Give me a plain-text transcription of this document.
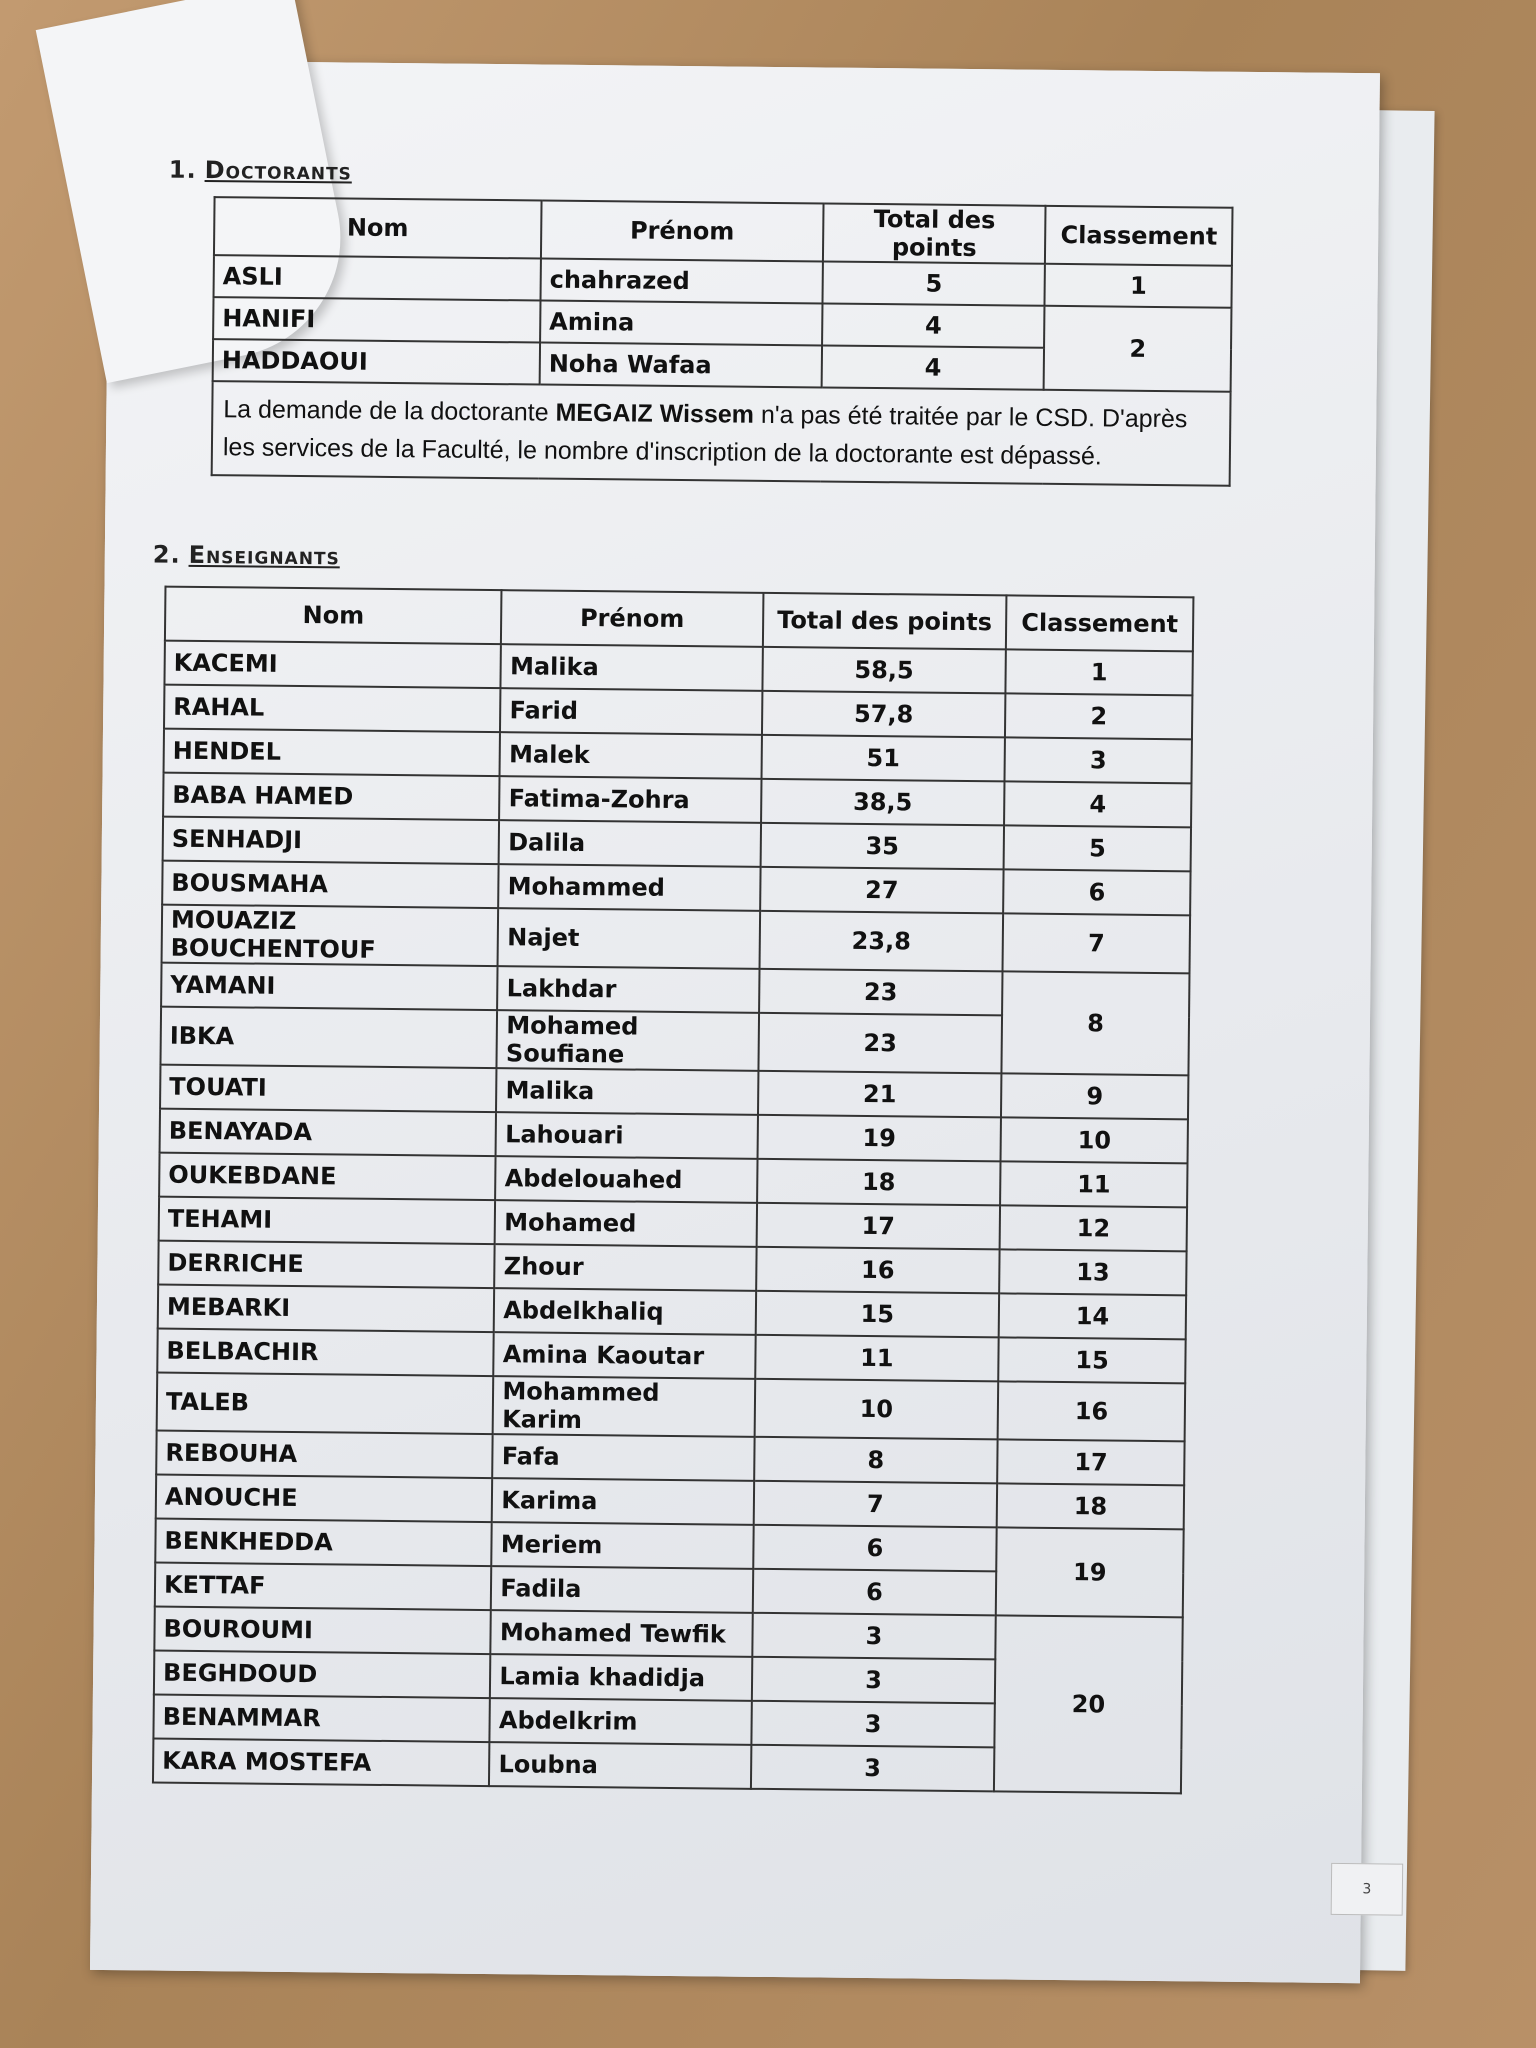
1. Doctorants
Nom	Prénom	Total des points	Classement
ASLI	chahrazed	5	1
HANIFI	Amina	4	2
HADDAOUI	Noha Wafaa	4	
La demande de la doctorante MEGAIZ Wissem n'a pas été traitée par le CSD. D'après les services de la Faculté, le nombre d'inscription de la doctorante est dépassé.			
2. Enseignants
Nom	Prénom	Total des points	Classement
KACEMI	Malika	58,5	1
RAHAL	Farid	57,8	2
HENDEL	Malek	51	3
BABA HAMED	Fatima-Zohra	38,5	4
SENHADJI	Dalila	35	5
BOUSMAHA	Mohammed	27	6
MOUAZIZ BOUCHENTOUF	Najet	23,8	7
YAMANI	Lakhdar	23	8
IBKA	Mohamed Soufiane	23	
TOUATI	Malika	21	9
BENAYADA	Lahouari	19	10
OUKEBDANE	Abdelouahed	18	11
TEHAMI	Mohamed	17	12
DERRICHE	Zhour	16	13
MEBARKI	Abdelkhaliq	15	14
BELBACHIR	Amina Kaoutar	11	15
TALEB	Mohammed Karim	10	16
REBOUHA	Fafa	8	17
ANOUCHE	Karima	7	18
BENKHEDDA	Meriem	6	19
KETTAF	Fadila	6	
BOUROUMI	Mohamed Tewfik	3	20
BEGHDOUD	Lamia khadidja	3	
BENAMMAR	Abdelkrim	3	
KARA MOSTEFA	Loubna	3	
3
